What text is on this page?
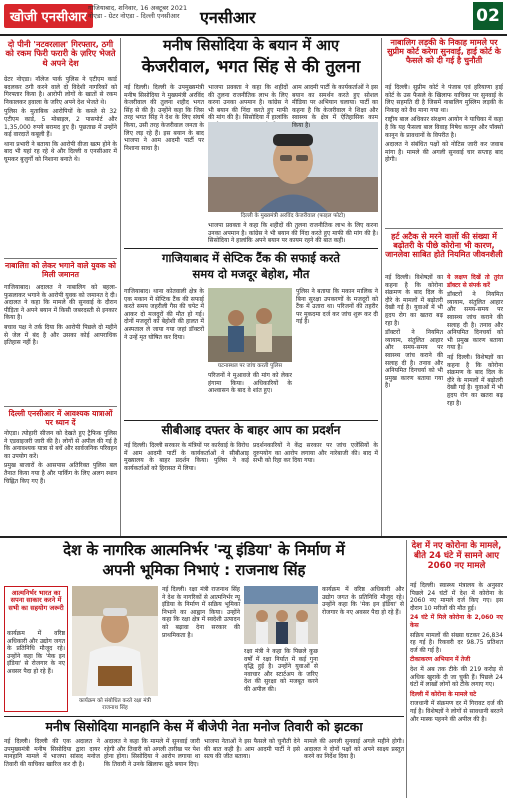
खोजी एनसीआर
गाजियाबाद, शनिवार, 16 अक्टूबर 2021
नोएडा - ग्रेटर नोएडा - दिल्ली एनसीआर	एनसीआर	02
दो पीनी 'नटवरलाल' गिरफ्तार, ठगी को रकम फिरी फरारी के ज़रिए भेजते थे अपने देश

ग्रेटर नोएडा। नॉलेज पार्क पुलिस ने एटीएम कार्ड बदलकर ठगी करने वाले दो विदेशी नागरिकों को गिरफ्तार किया है। आरोपी लोगों के खातों से रकम निकालकर हवाला के जरिए अपने देश भेजते थे।

पुलिस के मुताबिक आरोपियों के कब्जे से 32 एटीएम कार्ड, 5 मोबाइल, 2 पासपोर्ट और 1,35,000 रुपये बरामद हुए हैं। पूछताछ में उन्होंने कई वारदातें कबूली हैं।

थाना प्रभारी ने बताया कि आरोपी वीजा खत्म होने के बाद भी यहां रह रहे थे और दिल्ली व एनसीआर में घूमकर बुजुर्गों को निशाना बनाते थे।

नाबालिग़ को लेकर भगाने वाले युवक को मिली जमानत

गाजियाबाद। अदालत ने नाबालिग को बहला-फुसलाकर भगाने के आरोपी युवक को जमानत दे दी। अदालत ने कहा कि मामले की सुनवाई के दौरान पीड़िता ने अपने बयान में किसी जबरदस्ती से इनकार किया है।

बचाव पक्ष ने तर्क दिया कि आरोपी पिछले दो महीने से जेल में बंद है और उसका कोई आपराधिक इतिहास नहीं है।

दिल्ली एनसीआर में आवश्यक यात्राओं पर ध्यान दें

नोएडा। त्योहारी सीजन को देखते हुए ट्रैफिक पुलिस ने एडवाइजरी जारी की है। लोगों से अपील की गई है कि अनावश्यक यात्रा से बचें और सार्वजनिक परिवहन का उपयोग करें।

प्रमुख बाजारों के आसपास अतिरिक्त पुलिस बल तैनात किया गया है और पार्किंग के लिए अलग स्थान चिह्नित किए गए हैं।

मनीष सिसोदिया के बयान में आए
केजरीवाल, भगत सिंह से की तुलना
नई दिल्ली। दिल्ली के उपमुख्यमंत्री मनीष सिसोदिया ने मुख्यमंत्री अरविंद केजरीवाल की तुलना शहीद भगत सिंह से की है। उन्होंने कहा कि जिस तरह भगत सिंह ने देश के लिए संघर्ष किया, उसी तरह केजरीवाल जनता के लिए लड़ रहे हैं। इस बयान के बाद भाजपा ने आम आदमी पार्टी पर निशाना साधा है।
भाजपा प्रवक्ता ने कहा कि शहीदों की तुलना राजनीतिक लाभ के लिए करना उनका अपमान है। कांग्रेस ने भी बयान की निंदा करते हुए माफी की मांग की है। सिसोदिया ने हालांकि
दिल्ली के मुख्यमंत्री अरविंद केजरीवाल (फाइल फोटो)
आम आदमी पार्टी के कार्यकर्ताओं ने इस बयान का समर्थन करते हुए सोशल मीडिया पर अभियान चलाया। पार्टी का कहना है कि केजरीवाल ने शिक्षा और स्वास्थ्य के क्षेत्र में ऐतिहासिक काम किया है।
भाजपा प्रवक्ता ने कहा कि शहीदों की तुलना राजनीतिक लाभ के लिए करना उनका अपमान है। कांग्रेस ने भी बयान की निंदा करते हुए माफी की मांग की है। सिसोदिया ने हालांकि अपने बयान पर कायम रहने की बात कही।
गाजियाबाद में सेप्टिक टैंक की सफाई करते
समय दो मजदूर बेहोश, मौत
गाजियाबाद। थाना कोतवाली क्षेत्र के एक मकान में सेप्टिक टैंक की सफाई करते समय जहरीली गैस की चपेट में आकर दो मजदूरों की मौत हो गई। दोनों मजदूरों को बेहोशी की हालत में अस्पताल ले जाया गया जहां डॉक्टरों ने उन्हें मृत घोषित कर दिया।
घटनास्थल पर जांच करती पुलिस
पुलिस ने बताया कि मकान मालिक ने बिना सुरक्षा उपकरणों के मजदूरों को टैंक में उतारा था। परिजनों की तहरीर पर मुकदमा दर्ज कर जांच शुरू कर दी गई है।
परिजनों ने मुआवजे की मांग को लेकर हंगामा किया। अधिकारियों के आश्वासन के बाद वे शांत हुए।
सीबीआइ दफ्तर के बाहर आप का प्रदर्शन
नई दिल्ली। दिल्ली सरकार के मंत्रियों पर कार्रवाई के विरोध में आम आदमी पार्टी के कार्यकर्ताओं ने सीबीआइ मुख्यालय के बाहर प्रदर्शन किया। पुलिस ने कई कार्यकर्ताओं को हिरासत में लिया।
प्रदर्शनकारियों ने केंद्र सरकार पर जांच एजेंसियों के दुरुपयोग का आरोप लगाया और नारेबाजी की। बाद में सभी को रिहा कर दिया गया।
नाबालिग लड़की के निकाह मामले पर सुप्रीम कोर्ट करेगा सुनवाई, हाई कोर्ट के फैसले को दी गई है चुनौती

नई दिल्ली। सुप्रीम कोर्ट ने पंजाब एवं हरियाणा हाई कोर्ट के उस फैसले के खिलाफ याचिका पर सुनवाई के लिए सहमति दी है जिसमें नाबालिग मुस्लिम लड़की के निकाह को वैध माना गया था।

राष्ट्रीय बाल अधिकार संरक्षण आयोग ने याचिका में कहा है कि यह फैसला बाल विवाह निषेध कानून और पॉक्सो कानून के प्रावधानों के विपरीत है।

अदालत ने संबंधित पक्षों को नोटिस जारी कर जवाब मांगा है। मामले की अगली सुनवाई चार सप्ताह बाद होगी।

हर्ट अटैक से मरने वालों की संख्या में बढ़ोतरी के पीछे कोरोना भी कारण, जानलेवा साबित होते नियमित जीवनशैली

नई दिल्ली। विशेषज्ञों का कहना है कि कोरोना संक्रमण के बाद दिल के दौरे के मामलों में बढ़ोतरी देखी गई है। युवाओं में भी हृदय रोग का खतरा बढ़ रहा है।

डॉक्टरों ने नियमित व्यायाम, संतुलित आहार और समय-समय पर स्वास्थ्य जांच कराने की सलाह दी है। तनाव और अनियमित दिनचर्या को भी प्रमुख कारण बताया गया है।

ये लक्षण दिखें तो तुरंत डॉक्टर से संपर्क करें

डॉक्टरों ने नियमित व्यायाम, संतुलित आहार और समय-समय पर स्वास्थ्य जांच कराने की सलाह दी है। तनाव और अनियमित दिनचर्या को भी प्रमुख कारण बताया गया है।

नई दिल्ली। विशेषज्ञों का कहना है कि कोरोना संक्रमण के बाद दिल के दौरे के मामलों में बढ़ोतरी देखी गई है। युवाओं में भी हृदय रोग का खतरा बढ़ रहा है।

देश के नागरिक आत्मनिर्भर 'न्यू इंडिया' के निर्माण में
अपनी भूमिका निभाएं : राजनाथ सिंह
आत्मनिर्भर भारत का सपना साकार करने में सभी का सहयोग जरूरी
कार्यक्रम में वरिष्ठ अधिकारी और उद्योग जगत के प्रतिनिधि मौजूद रहे। उन्होंने कहा कि 'मेक इन इंडिया' से रोजगार के नए अवसर पैदा हो रहे हैं।
कार्यक्रम को संबोधित करते रक्षा मंत्री राजनाथ सिंह
नई दिल्ली। रक्षा मंत्री राजनाथ सिंह ने देश के नागरिकों से आत्मनिर्भर न्यू इंडिया के निर्माण में सक्रिय भूमिका निभाने का आह्वान किया। उन्होंने कहा कि रक्षा क्षेत्र में स्वदेशी उत्पादन को बढ़ावा देना सरकार की प्राथमिकता है।
रक्षा मंत्री ने कहा कि पिछले कुछ वर्षों में रक्षा निर्यात में कई गुना वृद्धि हुई है। उन्होंने युवाओं से नवाचार और स्टार्टअप के जरिए देश की सुरक्षा को मजबूत करने की अपील की।
कार्यक्रम में वरिष्ठ अधिकारी और उद्योग जगत के प्रतिनिधि मौजूद रहे। उन्होंने कहा कि 'मेक इन इंडिया' से रोजगार के नए अवसर पैदा हो रहे हैं।
देश में नए कोरोना के मामले, बीते 24 घंटे में सामने आए 2060 नए मामले

नई दिल्ली। स्वास्थ्य मंत्रालय के अनुसार पिछले 24 घंटों में देश में कोरोना के 2060 नए मामले दर्ज किए गए। इस दौरान 10 मरीजों की मौत हुई।

24 घंटे में मिले कोरोना के 2,060 नए केस

सक्रिय मामलों की संख्या घटकर 26,834 रह गई है। रिकवरी दर 98.75 प्रतिशत दर्ज की गई है।

टीकाकरण अभियान में तेजी

देश में अब तक टीके की 219 करोड़ से अधिक खुराकें दी जा चुकी हैं। पिछले 24 घंटों में लाखों लोगों को टीके लगाए गए।

दिल्ली में कोरोना के मामले घटे

राजधानी में संक्रमण दर में गिरावट दर्ज की गई है। विशेषज्ञों ने लोगों से सावधानी बरतने और मास्क पहनने की अपील की है।

मनीष सिसोदिया मानहानि केस में बीजेपी नेता मनोज तिवारी को झटका
नई दिल्ली। दिल्ली की एक अदालत ने उपमुख्यमंत्री मनीष सिसोदिया द्वारा दायर मानहानि मामले में भाजपा सांसद मनोज तिवारी की याचिका खारिज कर दी है।
अदालत ने कहा कि मामले में सुनवाई जारी रहेगी और तिवारी को अगली तारीख पर पेश होना होगा। सिसोदिया ने आरोप लगाया था कि तिवारी ने उनके खिलाफ झूठे बयान दिए।
भाजपा नेताओं ने इस फैसले को चुनौती देने की बात कही है। आम आदमी पार्टी ने इसे सत्य की जीत बताया।
मामले की अगली सुनवाई अगले महीने होगी। अदालत ने दोनों पक्षों को अपने साक्ष्य प्रस्तुत करने का निर्देश दिया है।
